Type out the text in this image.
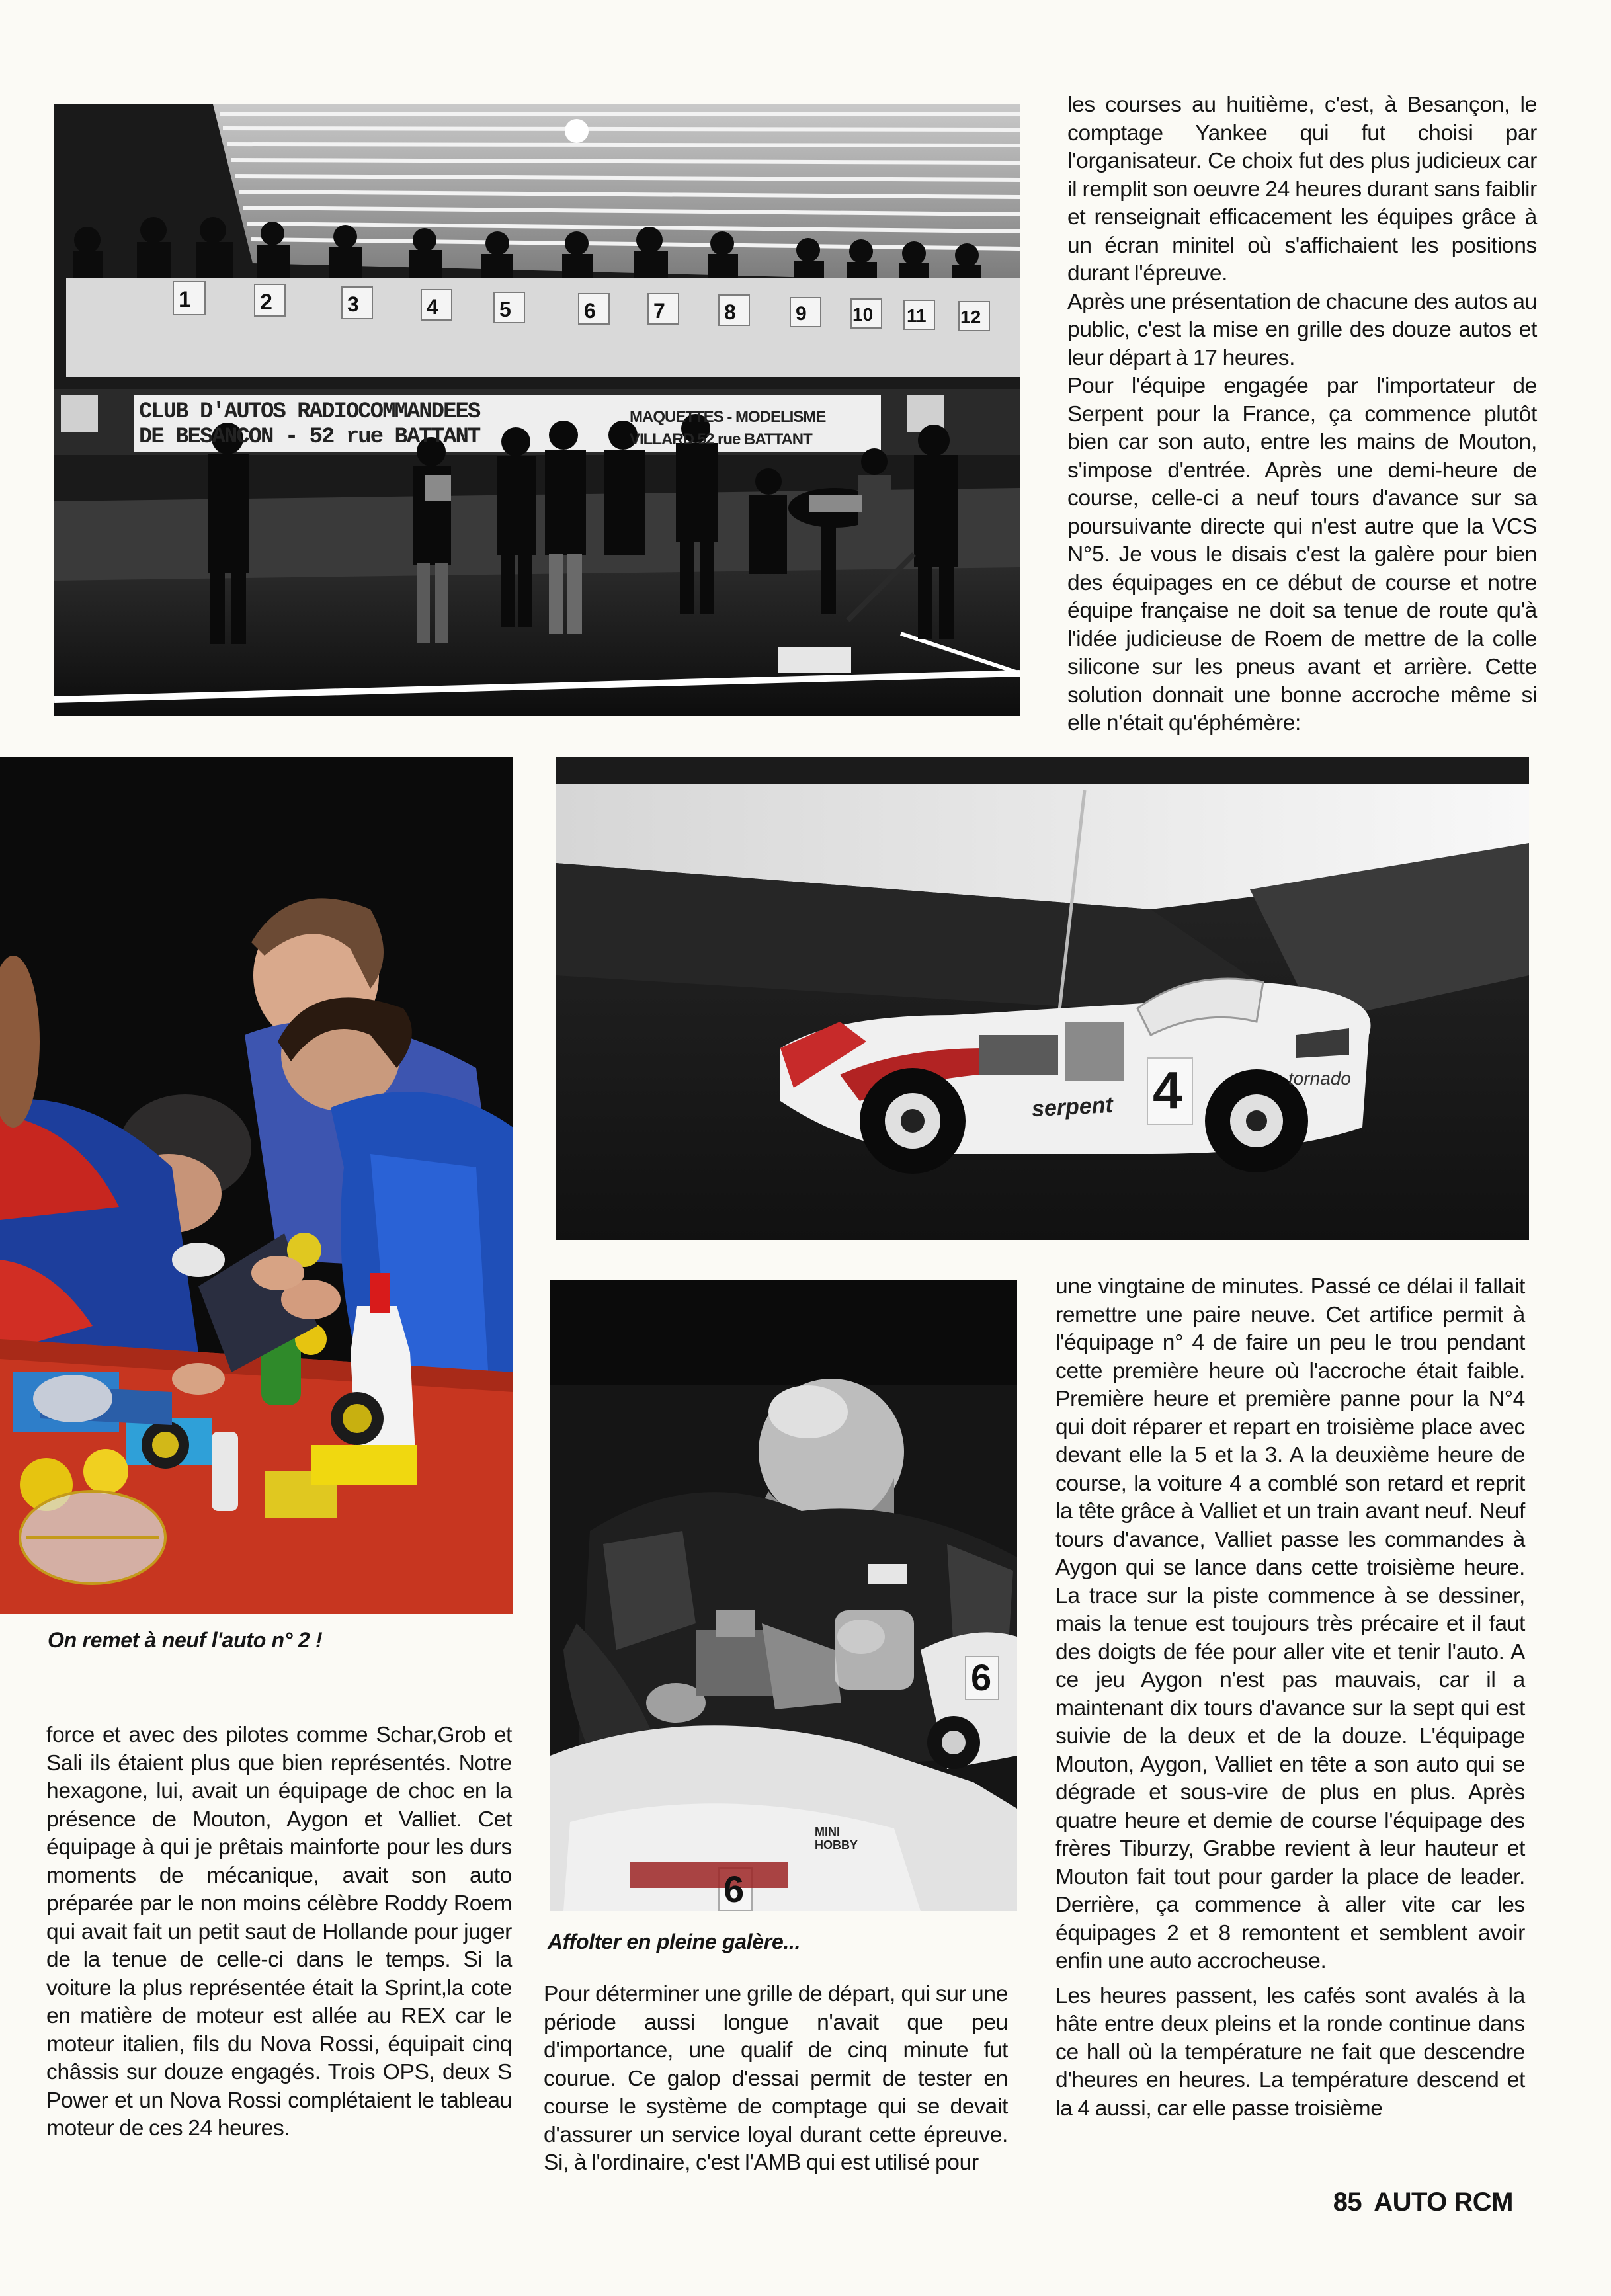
1	2	3	4	5	6	7	8	9 10 11 12
CLUB D'AUTOS RADIOCOMMANDEES
DE BESANCON - 52 rue BATTANT
MAQUETTES - MODELISME
VILLARD 52 rue BATTANT
4
serpent
tornado
6
6
MINI HOBBY
On remet à neuf l'auto n° 2 !
Affolter en pleine galère...

les courses au huitième, c'est, à Besançon, le comptage Yankee qui fut choisi par l'organisateur. Ce choix fut des plus judicieux car il remplit son oeuvre 24 heures durant sans faiblir et renseignait efficacement les équipes grâce à un écran minitel où s'affichaient les positions durant l'épreuve.

Après une présentation de chacune des autos au public, c'est la mise en grille des douze autos et leur départ à 17 heures.

Pour l'équipe engagée par l'importateur de Serpent pour la France, ça commence plutôt bien car son auto, entre les mains de Mouton, s'impose d'entrée. Après une demi-heure de course, celle-ci a neuf tours d'avance sur sa poursuivante directe qui n'est autre que la VCS N°5. Je vous le disais c'est la galère pour bien des équipages en ce début de course et notre équipe française ne doit sa tenue de route qu'à l'idée judicieuse de Roem de mettre de la colle silicone sur les pneus avant et arrière. Cette solution donnait une bonne accroche même si elle n'était qu'éphémère:

force et avec des pilotes comme Schar,Grob et Sali ils étaient plus que bien représentés. Notre hexagone, lui, avait un équipage de choc en la présence de Mouton, Aygon et Valliet. Cet équipage à qui je prêtais mainforte pour les durs moments de mécanique, avait son auto préparée par le non moins célèbre Roddy Roem qui avait fait un petit saut de Hollande pour juger de la tenue de celle-ci dans le temps. Si la voiture la plus représentée était la Sprint,la cote en matière de moteur est allée au REX car le moteur italien, fils du Nova Rossi, équipait cinq châssis sur douze engagés. Trois OPS, deux S Power et un Nova Rossi complétaient le tableau moteur de ces 24 heures.

Pour déterminer une grille de départ, qui sur une période aussi longue n'avait que peu d'importance, une qualif de cinq minute fut courue. Ce galop d'essai permit de tester en course le système de comptage qui se devait d'assurer un service loyal durant cette épreuve. Si, à l'ordinaire, c'est l'AMB qui est utilisé pour

une vingtaine de minutes. Passé ce délai il fallait remettre une paire neuve. Cet artifice permit à l'équipage n° 4 de faire un peu le trou pendant cette première heure où l'accroche était faible. Première heure et première panne pour la N°4 qui doit réparer et repart en troisième place avec devant elle la 5 et la 3. A la deuxième heure de course, la voiture 4 a comblé son retard et reprit la tête grâce à Valliet et un train avant neuf. Neuf tours d'avance, Valliet passe les commandes à Aygon qui se lance dans cette troisième heure. La trace sur la piste commence à se dessiner, mais la tenue est toujours très précaire et il faut des doigts de fée pour aller vite et tenir l'auto. A ce jeu Aygon n'est pas mauvais, car il a maintenant dix tours d'avance sur la sept qui est suivie de la deux et de la douze. L'équipage Mouton, Aygon, Valliet en tête a son auto qui se dégrade et sous-vire de plus en plus. Après quatre heure et demie de course l'équipage des frères Tiburzy, Grabbe revient à leur hauteur et Mouton fait tout pour garder la place de leader. Derrière, ça commence à aller vite car les équipages 2 et 8 remontent et semblent avoir enfin une auto accrocheuse.

Les heures passent, les cafés sont avalés à la hâte entre deux pleins et la ronde continue dans ce hall où la température ne fait que descendre d'heures en heures. La température descend et la 4 aussi, car elle passe troisième

85 AUTO RCM
